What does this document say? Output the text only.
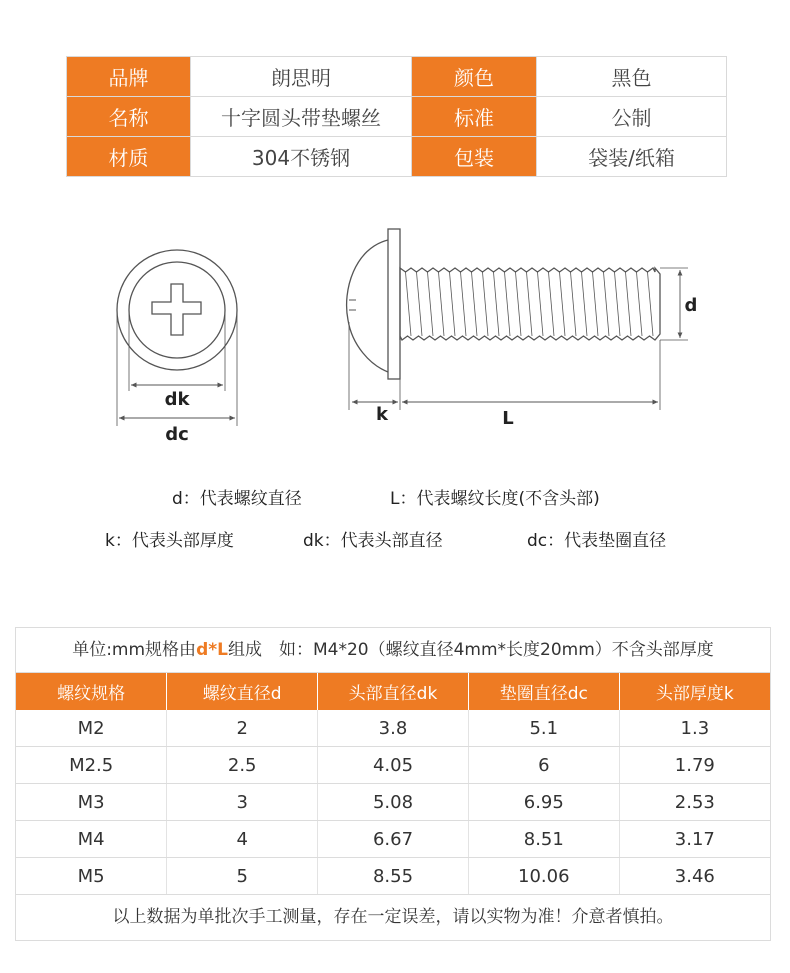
品牌	朗思明	颜色	黑色
名称	十字圆头带垫螺丝	标准	公制
材质	304不锈钢	包装	袋装/纸箱
dk
dc
k	L
d
d：代表螺纹直径	L：代表螺纹长度(不含头部)
k：代表头部厚度	dk：代表头部直径	dc：代表垫圈直径
单位:mm规格由d*L组成　如：M4*20（螺纹直径4mm*长度20mm）不含头部厚度
螺纹规格	螺纹直径d	头部直径dk	垫圈直径dc	头部厚度k
M2	2	3.8	5.1	1.3
M2.5	2.5	4.05	6	1.79
M3	3	5.08	6.95	2.53
M4	4	6.67	8.51	3.17
M5	5	8.55	10.06	3.46
以上数据为单批次手工测量，存在一定误差，请以实物为准！介意者慎拍。
